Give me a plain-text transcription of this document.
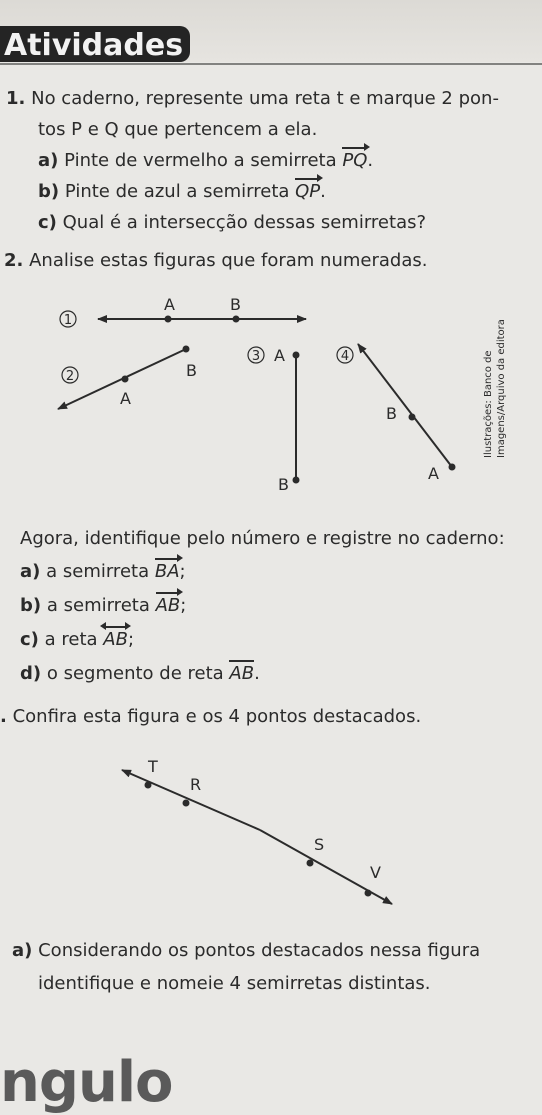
Atividades
1. No caderno, represente uma reta t e marque 2 pon-
tos P e Q que pertencem a ela.
a) Pinte de vermelho a semirreta PQ.
b) Pinte de azul a semirreta QP.
c) Qual é a intersecção dessas semirretas?
2. Analise estas figuras que foram numeradas.
1
A	B
2	B
A
3 A
B
4
B
A
Ilustrações: Banco de Imagens/Arquivo da editora
Agora, identifique pelo número e registre no caderno:
a) a semirreta BA;
b) a semirreta AB;
c) a reta AB;
d) o segmento de reta AB.
. Confira esta figura e os 4 pontos destacados.
T
R
S
V
a) Considerando os pontos destacados nessa figura
identifique e nomeie 4 semirretas distintas.
ngulo
